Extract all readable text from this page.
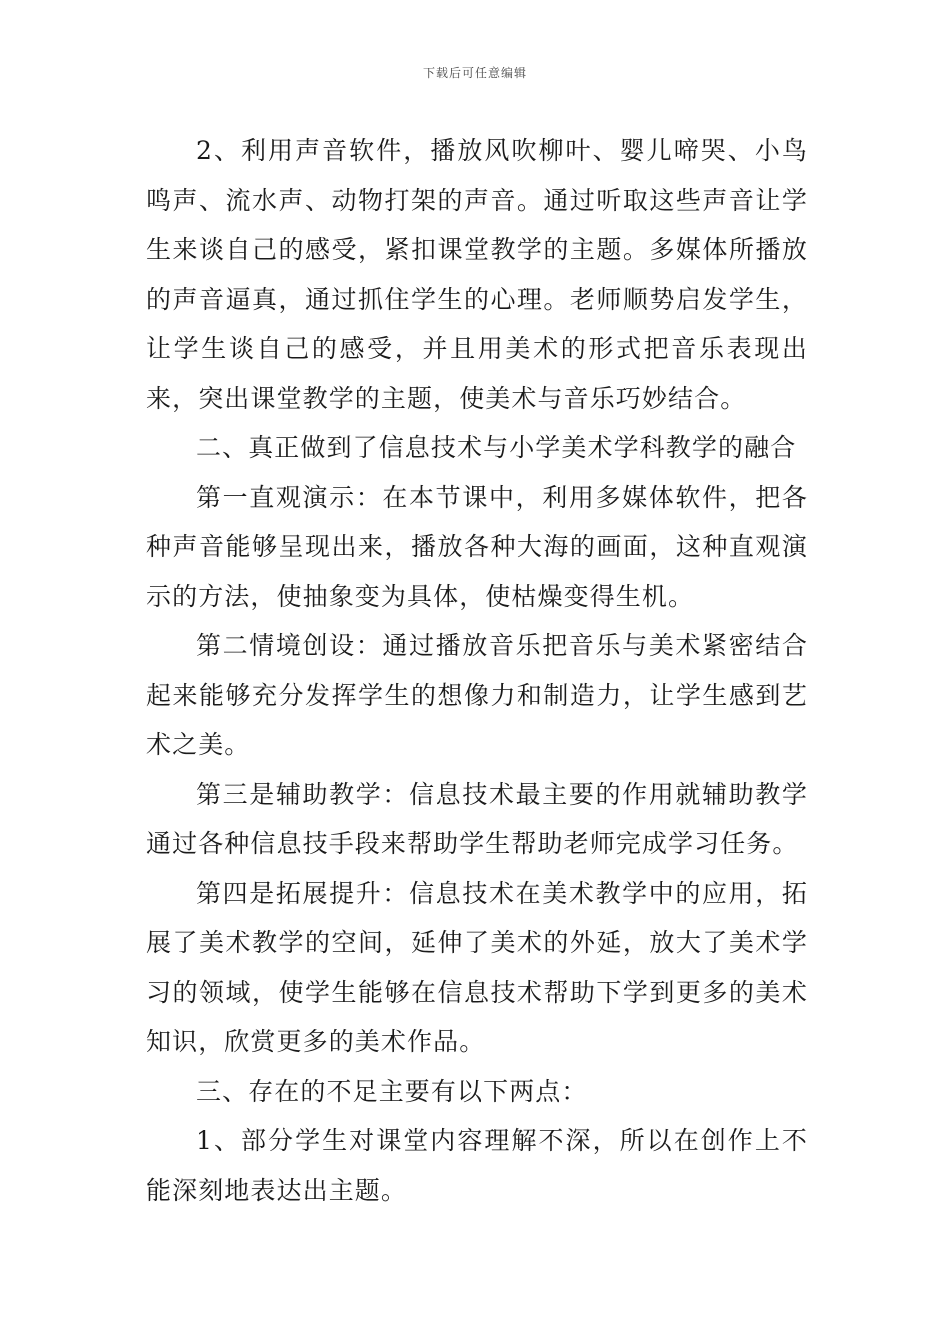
下载后可任意编辑

2、利用声音软件，播放风吹柳叶、婴儿啼哭、小鸟鸣声、流水声、动物打架的声音。通过听取这些声音让学生来谈自己的感受，紧扣课堂教学的主题。多媒体所播放的声音逼真，通过抓住学生的心理。老师顺势启发学生，让学生谈自己的感受，并且用美术的形式把音乐表现出来，突出课堂教学的主题，使美术与音乐巧妙结合。

二、真正做到了信息技术与小学美术学科教学的融合

第一直观演示：在本节课中，利用多媒体软件，把各种声音能够呈现出来，播放各种大海的画面，这种直观演示的方法，使抽象变为具体，使枯燥变得生机。

第二情境创设：通过播放音乐把音乐与美术紧密结合起来能够充分发挥学生的想像力和制造力，让学生感到艺术之美。

第三是辅助教学：信息技术最主要的作用就辅助教学通过各种信息技手段来帮助学生帮助老师完成学习任务。

第四是拓展提升：信息技术在美术教学中的应用，拓展了美术教学的空间，延伸了美术的外延，放大了美术学习的领域，使学生能够在信息技术帮助下学到更多的美术知识，欣赏更多的美术作品。

三、存在的不足主要有以下两点：

1、部分学生对课堂内容理解不深，所以在创作上不能深刻地表达出主题。
